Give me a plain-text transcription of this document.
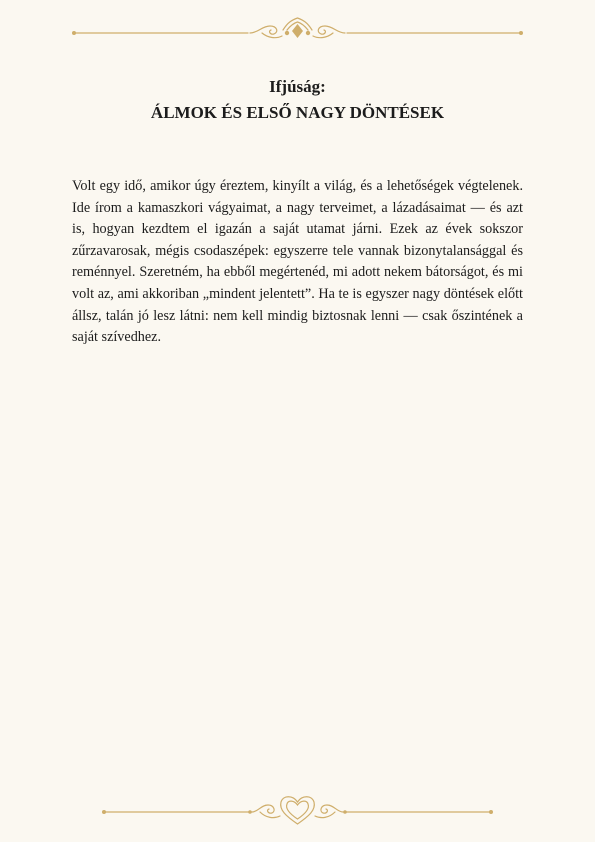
Ifjúság:
ÁLMOK ÉS ELSŐ NAGY DÖNTÉSEK

Volt egy idő, amikor úgy éreztem, kinyílt a világ, és a lehetőségek végtelenek. Ide írom a kamaszkori vágyaimat, a nagy terveimet, a lázadásaimat — és azt is, hogyan kezdtem el igazán a saját utamat járni. Ezek az évek sokszor zűrzavarosak, mégis csodaszépek: egyszerre tele vannak bizonytalansággal és reménnyel. Szeretném, ha ebből megértenéd, mi adott nekem bátorságot, és mi volt az, ami akkoriban „mindent jelentett”. Ha te is egyszer nagy döntések előtt állsz, talán jó lesz látni: nem kell mindig biztosnak lenni — csak őszintének a saját szívedhez.
